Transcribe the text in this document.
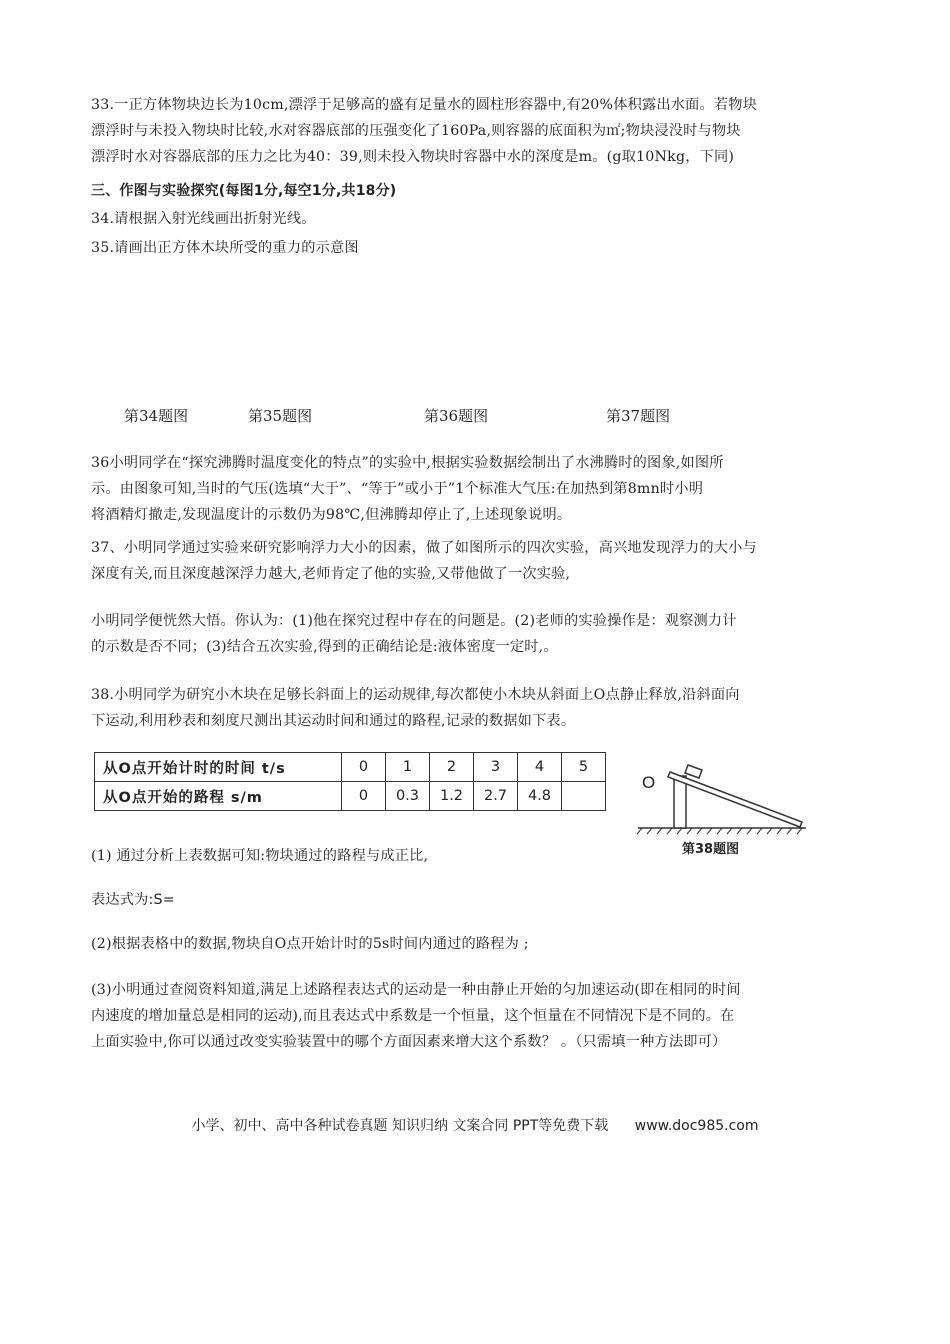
33.一正方体物块边长为10cm,漂浮于足够高的盛有足量水的圆柱形容器中,有20%体积露出水面。若物块
漂浮时与未投入物块时比较,水对容器底部的压强变化了160Pa,则容器的底面积为㎡;物块浸没时与物块
漂浮时水对容器底部的压力之比为40：39,则未投入物块时容器中水的深度是m。(g取10Nkg，下同)
三、作图与实验探究(每图1分,每空1分,共18分)
34.请根据入射光线画出折射光线。
35.请画出正方体木块所受的重力的示意图
第34题图	第35题图	第36题图	第37题图
36小明同学在“探究沸腾时温度变化的特点”的实验中,根据实验数据绘制出了水沸腾时的图象,如图所
示。由图象可知,当时的气压(选填“大于”、“等于”或小于”1个标准大气压:在加热到第8mn时小明
将酒精灯撤走,发现温度计的示数仍为98℃,但沸腾却停止了,上述现象说明。
37、小明同学通过实验来研究影响浮力大小的因素，做了如图所示的四次实验，高兴地发现浮力的大小与
深度有关,而且深度越深浮力越大,老师肯定了他的实验,又带他做了一次实验,
小明同学便恍然大悟。你认为：(1)他在探究过程中存在的问题是。(2)老师的实验操作是：观察测力计
的示数是否不同；(3)结合五次实验,得到的正确结论是:液体密度一定时,。
38.小明同学为研究小木块在足够长斜面上的运动规律,每次都使小木块从斜面上O点静止释放,沿斜面向
下运动,利用秒表和刻度尺测出其运动时间和通过的路程,记录的数据如下表。
从O点开始计时的时间 t/s	0	1	2	3	4	5
从O点开始的路程 s/m	0	0.3	1.2	2.7	4.8	
O
第38题图
(1) 通过分析上表数据可知:物块通过的路程与成正比,
表达式为:S=
(2)根据表格中的数据,物块自O点开始计时的5s时间内通过的路程为 ;
(3)小明通过查阅资料知道,满足上述路程表达式的运动是一种由静止开始的匀加速运动(即在相同的时间
内速度的增加量总是相同的运动),而且表达式中系数是一个恒量，这个恒量在不同情况下是不同的。在
上面实验中,你可以通过改变实验装置中的哪个方面因素来增大这个系数？ 。（只需填一种方法即可）
小学、初中、高中各种试卷真题 知识归纳 文案合同 PPT等免费下载 www.doc985.com
